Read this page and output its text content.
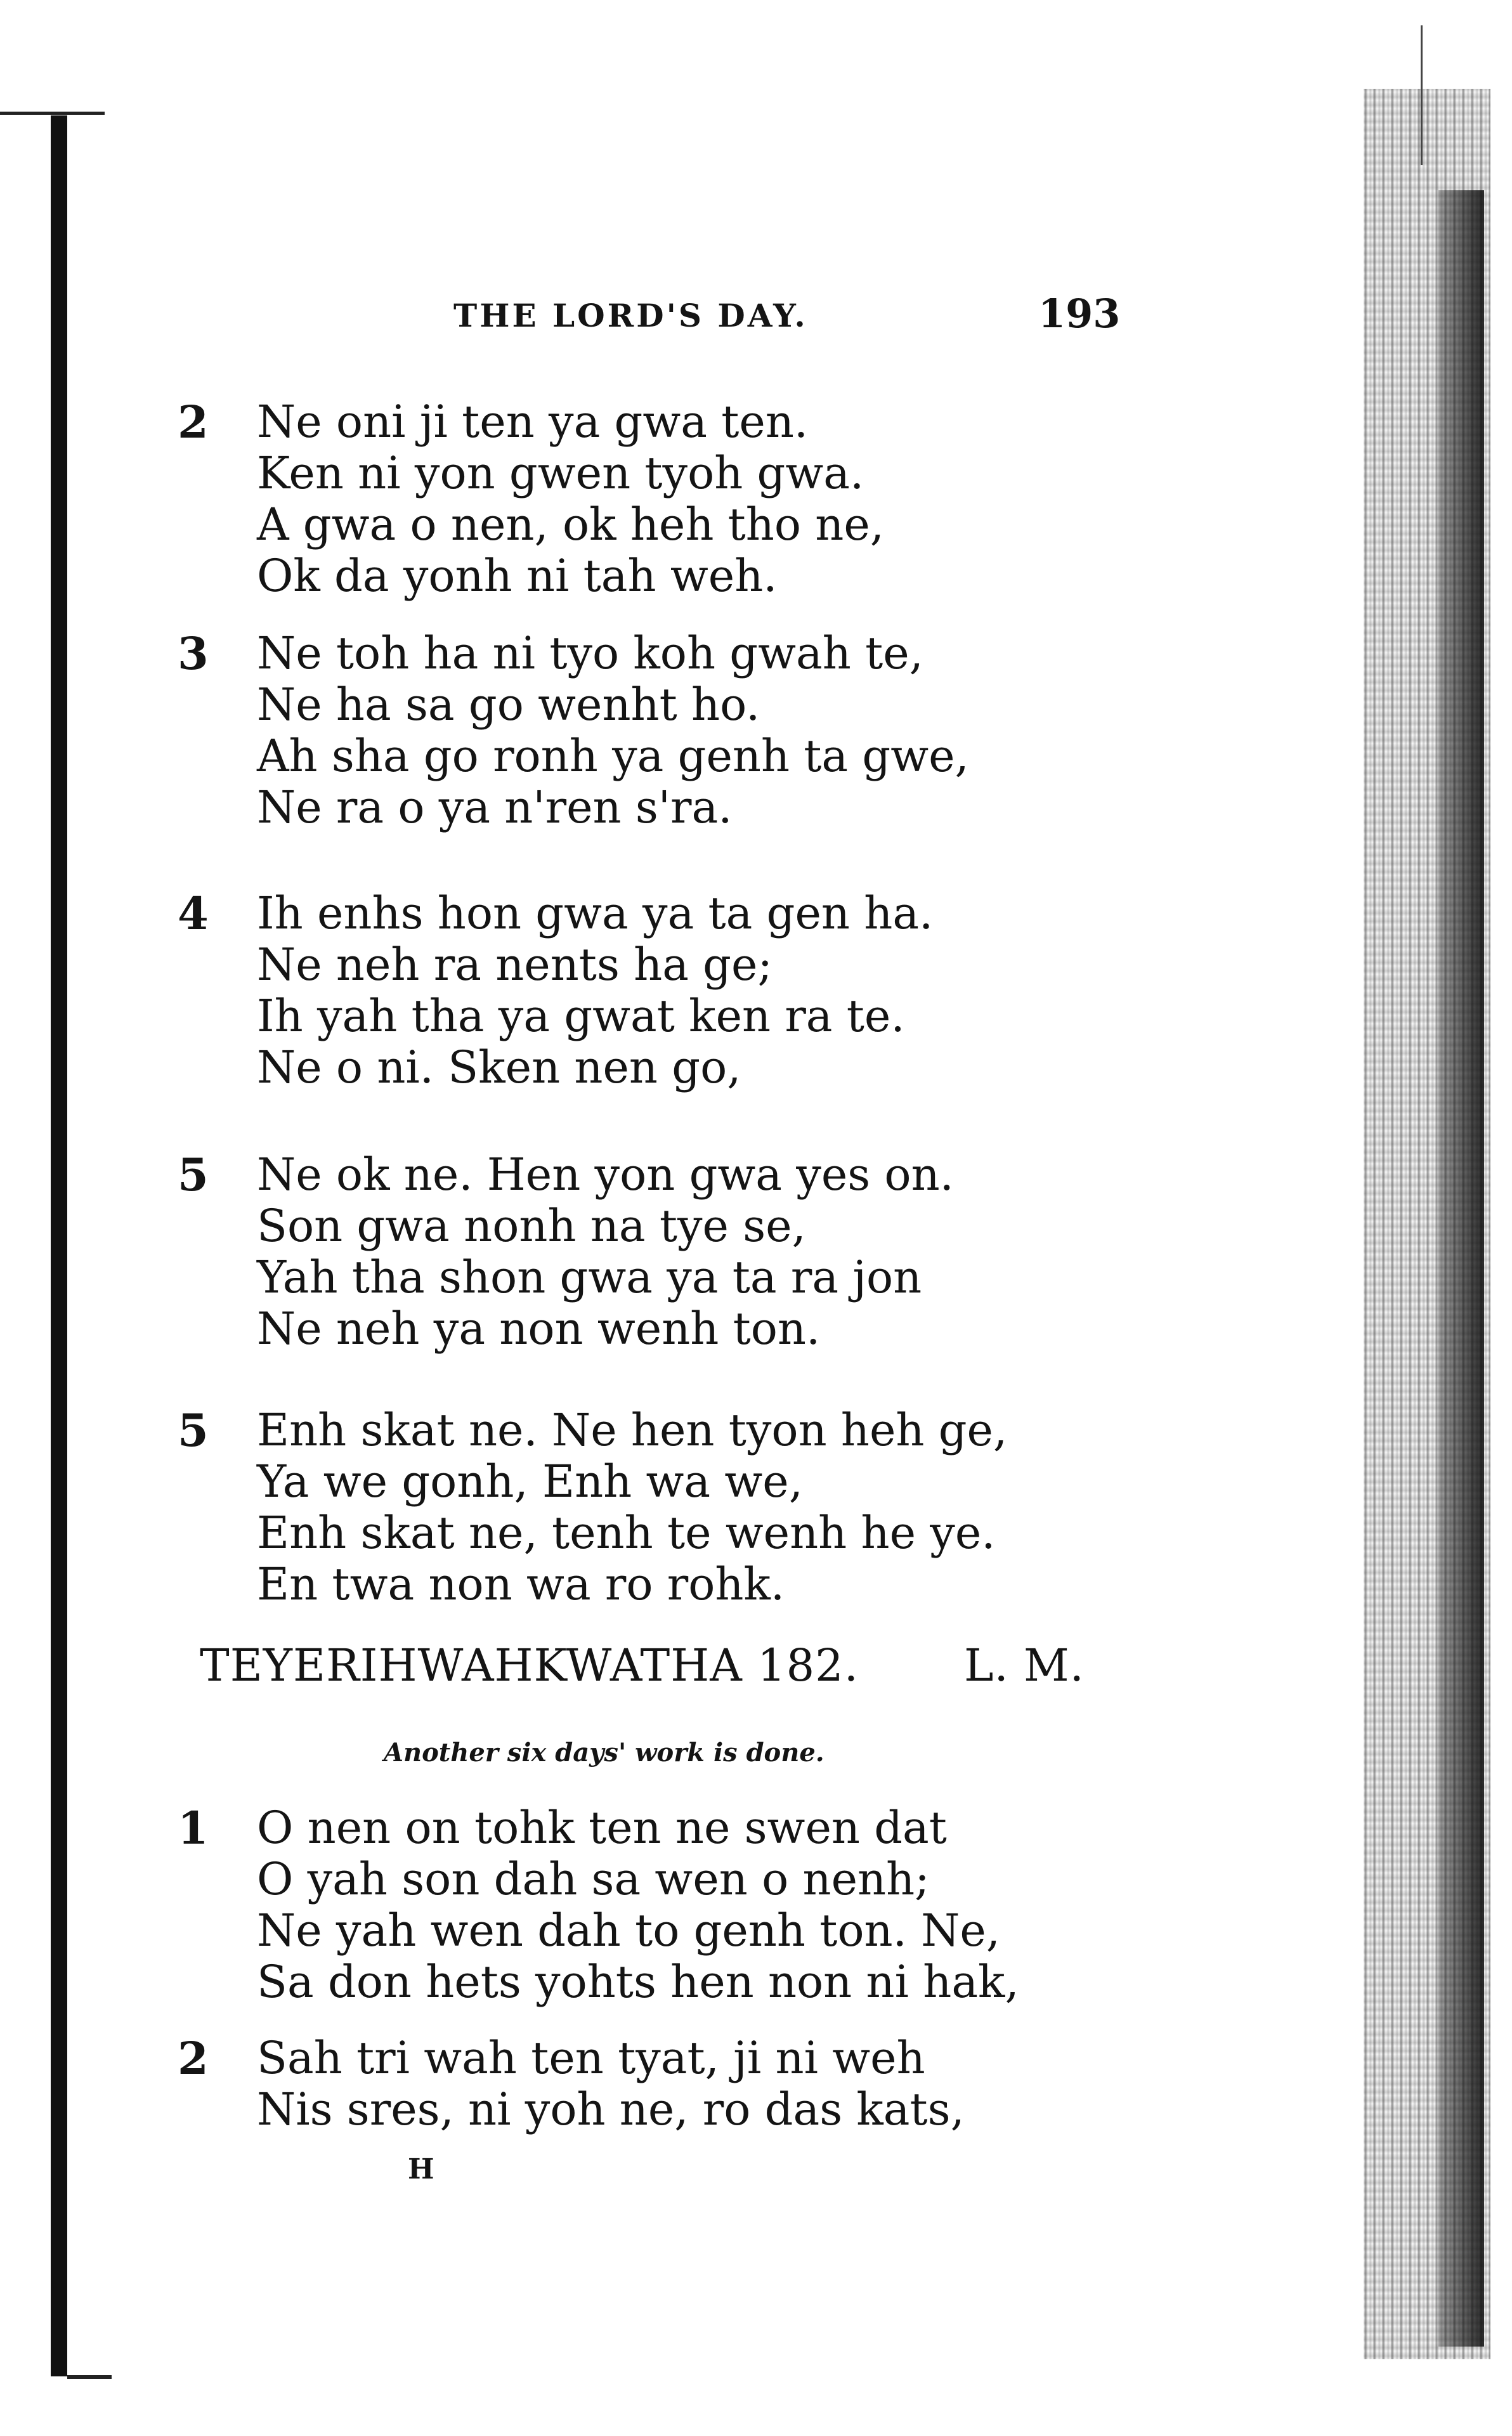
THE LORD'S DAY.	193
2 Ne oni ji ten ya gwa ten.
Ken ni yon gwen tyoh gwa.
A gwa o nen, ok heh tho ne,
Ok da yonh ni tah weh.
3 Ne toh ha ni tyo koh gwah te,
Ne ha sa go wenht ho.
Ah sha go ronh ya genh ta gwe,
Ne ra o ya n'ren s'ra.
4 Ih enhs hon gwa ya ta gen ha.
Ne neh ra nents ha ge;
Ih yah tha ya gwat ken ra te.
Ne o ni. Sken nen go,
5 Ne ok ne. Hen yon gwa yes on.
Son gwa nonh na tye se,
Yah tha shon gwa ya ta ra jon
Ne neh ya non wenh ton.
5 Enh skat ne. Ne hen tyon heh ge,
Ya we gonh, Enh wa we,
Enh skat ne, tenh te wenh he ye.
En twa non wa ro rohk.
TEYERIHWAHKWATHA 182. L. M.
Another six days' work is done.
1 O nen on tohk ten ne swen dat
O yah son dah sa wen o nenh;
Ne yah wen dah to genh ton. Ne,
Sa don hets yohts hen non ni hak,
2 Sah tri wah ten tyat, ji ni weh
Nis sres, ni yoh ne, ro das kats,
H
